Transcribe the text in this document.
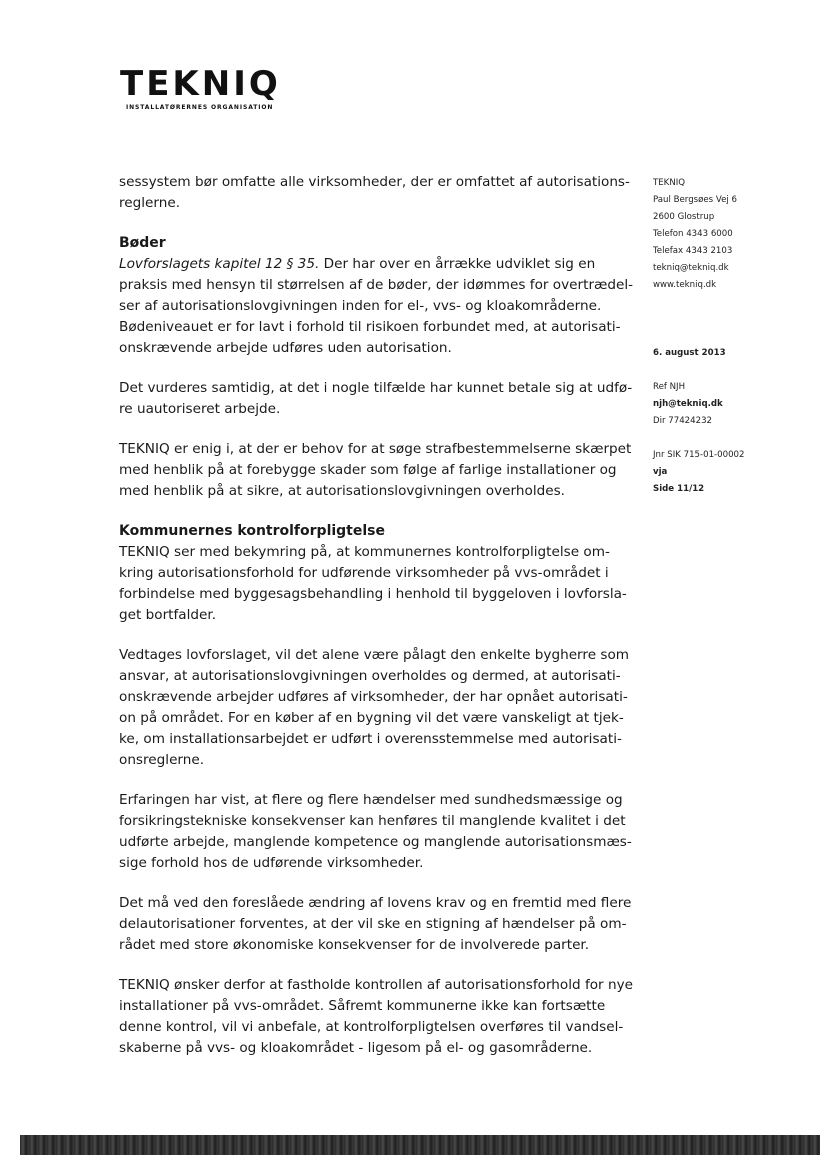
TEKNIQ
INSTALLATØRERNES ORGANISATION

sessystem bør omfatte alle virksomheder, der er omfattet af autorisations-

reglerne.

Bøder

Lovforslagets kapitel 12 § 35. Der har over en årrække udviklet sig en

praksis med hensyn til størrelsen af de bøder, der idømmes for overtrædel-

ser af autorisationslovgivningen inden for el-, vvs- og kloakområderne.

Bødeniveauet er for lavt i forhold til risikoen forbundet med, at autorisati-

onskrævende arbejde udføres uden autorisation.

Det vurderes samtidig, at det i nogle tilfælde har kunnet betale sig at udfø-

re uautoriseret arbejde.

TEKNIQ er enig i, at der er behov for at søge strafbestemmelserne skærpet

med henblik på at forebygge skader som følge af farlige installationer og

med henblik på at sikre, at autorisationslovgivningen overholdes.

Kommunernes kontrolforpligtelse

TEKNIQ ser med bekymring på, at kommunernes kontrolforpligtelse om-

kring autorisationsforhold for udførende virksomheder på vvs-området i

forbindelse med byggesagsbehandling i henhold til byggeloven i lovforsla-

get bortfalder.

Vedtages lovforslaget, vil det alene være pålagt den enkelte bygherre som

ansvar, at autorisationslovgivningen overholdes og dermed, at autorisati-

onskrævende arbejder udføres af virksomheder, der har opnået autorisati-

on på området. For en køber af en bygning vil det være vanskeligt at tjek-

ke, om installationsarbejdet er udført i overensstemmelse med autorisati-

onsreglerne.

Erfaringen har vist, at flere og flere hændelser med sundhedsmæssige og

forsikringstekniske konsekvenser kan henføres til manglende kvalitet i det

udførte arbejde, manglende kompetence og manglende autorisationsmæs-

sige forhold hos de udførende virksomheder.

Det må ved den foreslåede ændring af lovens krav og en fremtid med flere

delautorisationer forventes, at der vil ske en stigning af hændelser på om-

rådet med store økonomiske konsekvenser for de involverede parter.

TEKNIQ ønsker derfor at fastholde kontrollen af autorisationsforhold for nye

installationer på vvs-området. Såfremt kommunerne ikke kan fortsætte

denne kontrol, vil vi anbefale, at kontrolforpligtelsen overføres til vandsel-

skaberne på vvs- og kloakområdet - ligesom på el- og gasområderne.

TEKNIQ
Paul Bergsøes Vej 6
2600 Glostrup
Telefon 4343 6000
Telefax 4343 2103
tekniq@tekniq.dk
www.tekniq.dk
6. august 2013
Ref NJH
njh@tekniq.dk
Dir 77424232
Jnr SIK 715-01-00002
vja
Side 11/12
